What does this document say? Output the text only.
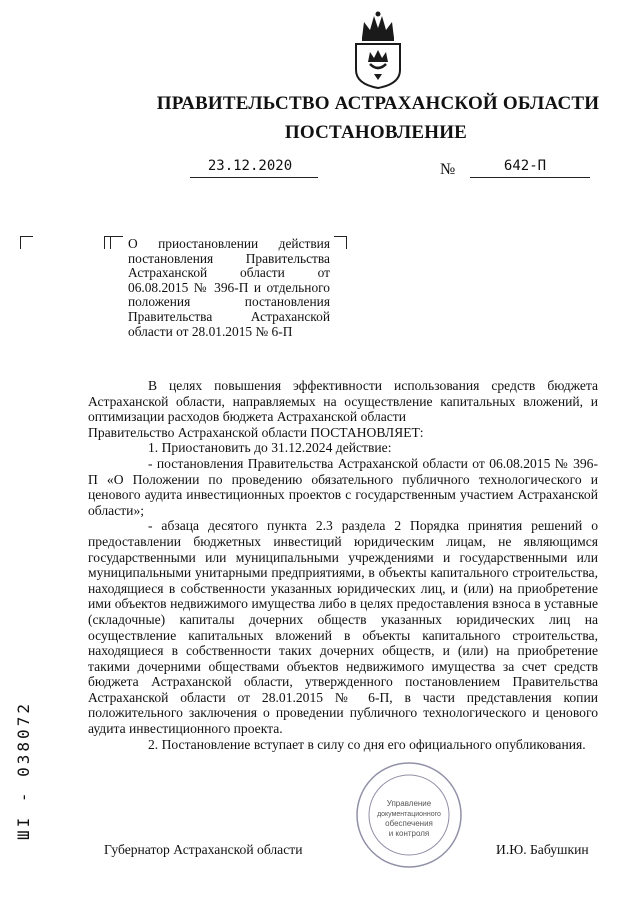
ПРАВИТЕЛЬСТВО АСТРАХАНСКОЙ ОБЛАСТИ
ПОСТАНОВЛЕНИЕ
23.12.2020	№	642-П
О приостановлении действия постановления Правительства Астраханской области от 06.08.2015 № 396-П и отдельного положения постановления Правительства Астраханской области от 28.01.2015 № 6-П

В целях повышения эффективности использования средств бюджета Астраханской области, направляемых на осуществление капитальных вложений, и оптимизации расходов бюджета Астраханской области

Правительство Астраханской области ПОСТАНОВЛЯЕТ:

1. Приостановить до 31.12.2024 действие:

- постановления Правительства Астраханской области от 06.08.2015 № 396-П «О Положении по проведению обязательного публичного технологического и ценового аудита инвестиционных проектов с государственным участием Астраханской области»;

- абзаца десятого пункта 2.3 раздела 2 Порядка принятия решений о предоставлении бюджетных инвестиций юридическим лицам, не являющимся государственными или муниципальными учреждениями и государственными или муниципальными унитарными предприятиями, в объекты капитального строительства, находящиеся в собственности указанных юридических лиц, и (или) на приобретение ими объектов недвижимого имущества либо в целях предоставления взноса в уставные (складочные) капиталы дочерних обществ указанных юридических лиц на осуществление капитальных вложений в объекты капитального строительства, находящиеся в собственности таких дочерних обществ, и (или) на приобретение такими дочерними обществами объектов недвижимого имущества за счет средств бюджета Астраханской области, утвержденного постановлением Правительства Астраханской области от 28.01.2015 № 6-П, в части представления копии положительного заключения о проведении публичного технологического и ценового аудита инвестиционного проекта.

2. Постановление вступает в силу со дня его официального опубликования.

Управление
документационного
обеспечения
и контроля
Губернатор Астраханской области	И.Ю. Бабушкин
ШI - 038072
